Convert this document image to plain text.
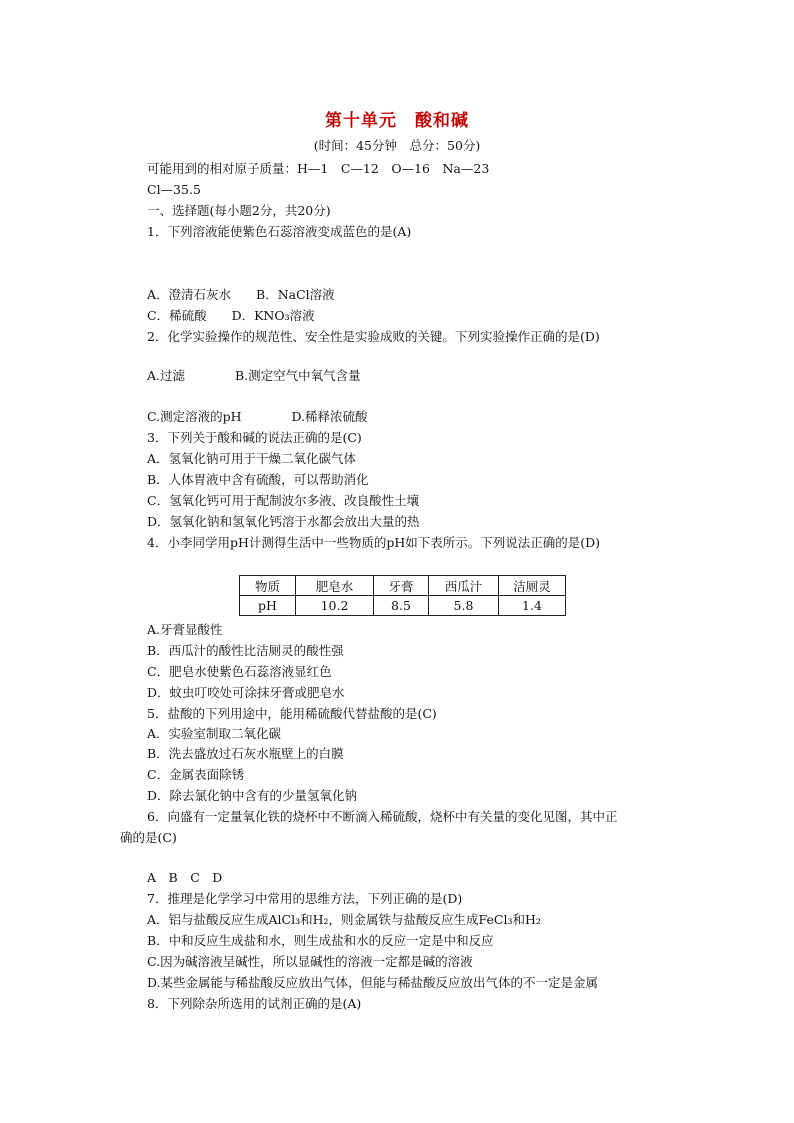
第十单元　酸和碱
(时间：45分钟　总分：50分)
可能用到的相对原子质量：H—1　C—12　O—16　Na—23
Cl—35.5
一、选择题(每小题2分，共20分)
1．下列溶液能使紫色石蕊溶液变成蓝色的是(A)
A．澄清石灰水　　B．NaCl溶液
C．稀硫酸　　D．KNO₃溶液
2．化学实验操作的规范性、安全性是实验成败的关键。下列实验操作正确的是(D)
A.过滤　　　　B.测定空气中氧气含量
C.测定溶液的pH　　　　D.稀释浓硫酸
3．下列关于酸和碱的说法正确的是(C)
A．氢氧化钠可用于干燥二氧化碳气体
B．人体胃液中含有硫酸，可以帮助消化
C．氢氧化钙可用于配制波尔多液、改良酸性土壤
D．氢氧化钠和氢氧化钙溶于水都会放出大量的热
4．小李同学用pH计测得生活中一些物质的pH如下表所示。下列说法正确的是(D)
物质	肥皂水	牙膏	西瓜汁	洁厕灵
pH	10.2	8.5	5.8	1.4
A.牙膏显酸性
B．西瓜汁的酸性比洁厕灵的酸性强
C．肥皂水使紫色石蕊溶液显红色
D．蚊虫叮咬处可涂抹牙膏或肥皂水
5．盐酸的下列用途中，能用稀硫酸代替盐酸的是(C)
A．实验室制取二氧化碳
B．洗去盛放过石灰水瓶壁上的白膜
C．金属表面除锈
D．除去氯化钠中含有的少量氢氧化钠
6．向盛有一定量氧化铁的烧杯中不断滴入稀硫酸，烧杯中有关量的变化见图，其中正
确的是(C)
A　B　C　D
7．推理是化学学习中常用的思维方法，下列正确的是(D)
A．铝与盐酸反应生成AlCl₃和H₂，则金属铁与盐酸反应生成FeCl₃和H₂
B．中和反应生成盐和水，则生成盐和水的反应一定是中和反应
C.因为碱溶液呈碱性，所以显碱性的溶液一定都是碱的溶液
D.某些金属能与稀盐酸反应放出气体，但能与稀盐酸反应放出气体的不一定是金属
8．下列除杂所选用的试剂正确的是(A)
